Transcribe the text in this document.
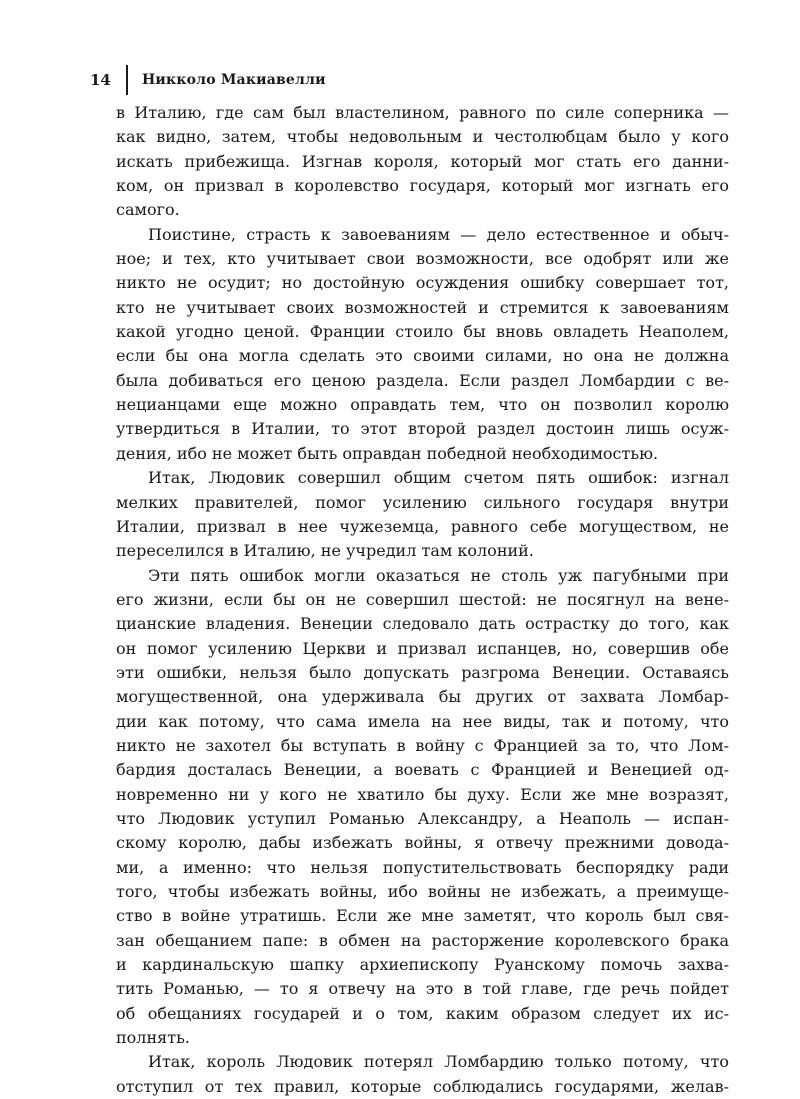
14	Никколо Макиавелли
в Италию, где сам был властелином, равного по силе соперника —
как видно, затем, чтобы недовольным и честолюбцам было у кого
искать прибежища. Изгнав короля, который мог стать его данни-
ком, он призвал в королевство государя, который мог изгнать его
самого.
Поистине, страсть к завоеваниям — дело естественное и обыч-
ное; и тех, кто учитывает свои возможности, все одобрят или же
никто не осудит; но достойную осуждения ошибку совершает тот,
кто не учитывает своих возможностей и стремится к завоеваниям
какой угодно ценой. Франции стоило бы вновь овладеть Неаполем,
если бы она могла сделать это своими силами, но она не должна
была добиваться его ценою раздела. Если раздел Ломбардии с ве-
нецианцами еще можно оправдать тем, что он позволил королю
утвердиться в Италии, то этот второй раздел достоин лишь осуж-
дения, ибо не может быть оправдан победной необходимостью.
Итак, Людовик совершил общим счетом пять ошибок: изгнал
мелких правителей, помог усилению сильного государя внутри
Италии, призвал в нее чужеземца, равного себе могуществом, не
переселился в Италию, не учредил там колоний.
Эти пять ошибок могли оказаться не столь уж пагубными при
его жизни, если бы он не совершил шестой: не посягнул на вене-
цианские владения. Венеции следовало дать острастку до того, как
он помог усилению Церкви и призвал испанцев, но, совершив обе
эти ошибки, нельзя было допускать разгрома Венеции. Оставаясь
могущественной, она удерживала бы других от захвата Ломбар-
дии как потому, что сама имела на нее виды, так и потому, что
никто не захотел бы вступать в войну с Францией за то, что Лом-
бардия досталась Венеции, а воевать с Францией и Венецией од-
новременно ни у кого не хватило бы духу. Если же мне возразят,
что Людовик уступил Романью Александру, а Неаполь — испан-
скому королю, дабы избежать войны, я отвечу прежними довода-
ми, а именно: что нельзя попустительствовать беспорядку ради
того, чтобы избежать войны, ибо войны не избежать, а преимуще-
ство в войне утратишь. Если же мне заметят, что король был свя-
зан обещанием папе: в обмен на расторжение королевского брака
и кардинальскую шапку архиепископу Руанскому помочь захва-
тить Романью, — то я отвечу на это в той главе, где речь пойдет
об обещаниях государей и о том, каким образом следует их ис-
полнять.
Итак, король Людовик потерял Ломбардию только потому, что
отступил от тех правил, которые соблюдались государями, желав-
